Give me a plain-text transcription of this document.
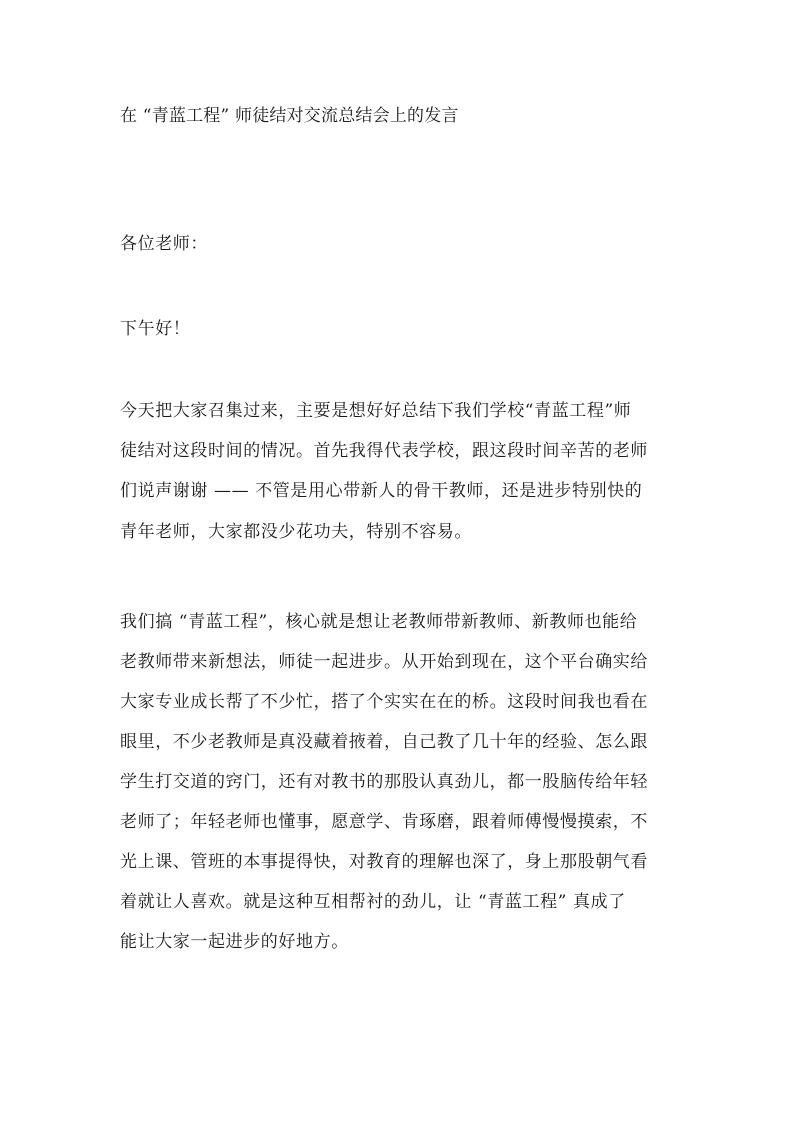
在 “青蓝工程” 师徒结对交流总结会上的发言
各位老师：
下午好！
今天把大家召集过来，主要是想好好总结下我们学校“青蓝工程”师
徒结对这段时间的情况。首先我得代表学校，跟这段时间辛苦的老师
们说声谢谢 —— 不管是用心带新人的骨干教师，还是进步特别快的
青年老师，大家都没少花功夫，特别不容易。
我们搞 “青蓝工程”，核心就是想让老教师带新教师、新教师也能给
老教师带来新想法，师徒一起进步。从开始到现在，这个平台确实给
大家专业成长帮了不少忙，搭了个实实在在的桥。这段时间我也看在
眼里，不少老教师是真没藏着掖着，自己教了几十年的经验、怎么跟
学生打交道的窍门，还有对教书的那股认真劲儿，都一股脑传给年轻
老师了；年轻老师也懂事，愿意学、肯琢磨，跟着师傅慢慢摸索，不
光上课、管班的本事提得快，对教育的理解也深了，身上那股朝气看
着就让人喜欢。就是这种互相帮衬的劲儿，让 “青蓝工程” 真成了
能让大家一起进步的好地方。
